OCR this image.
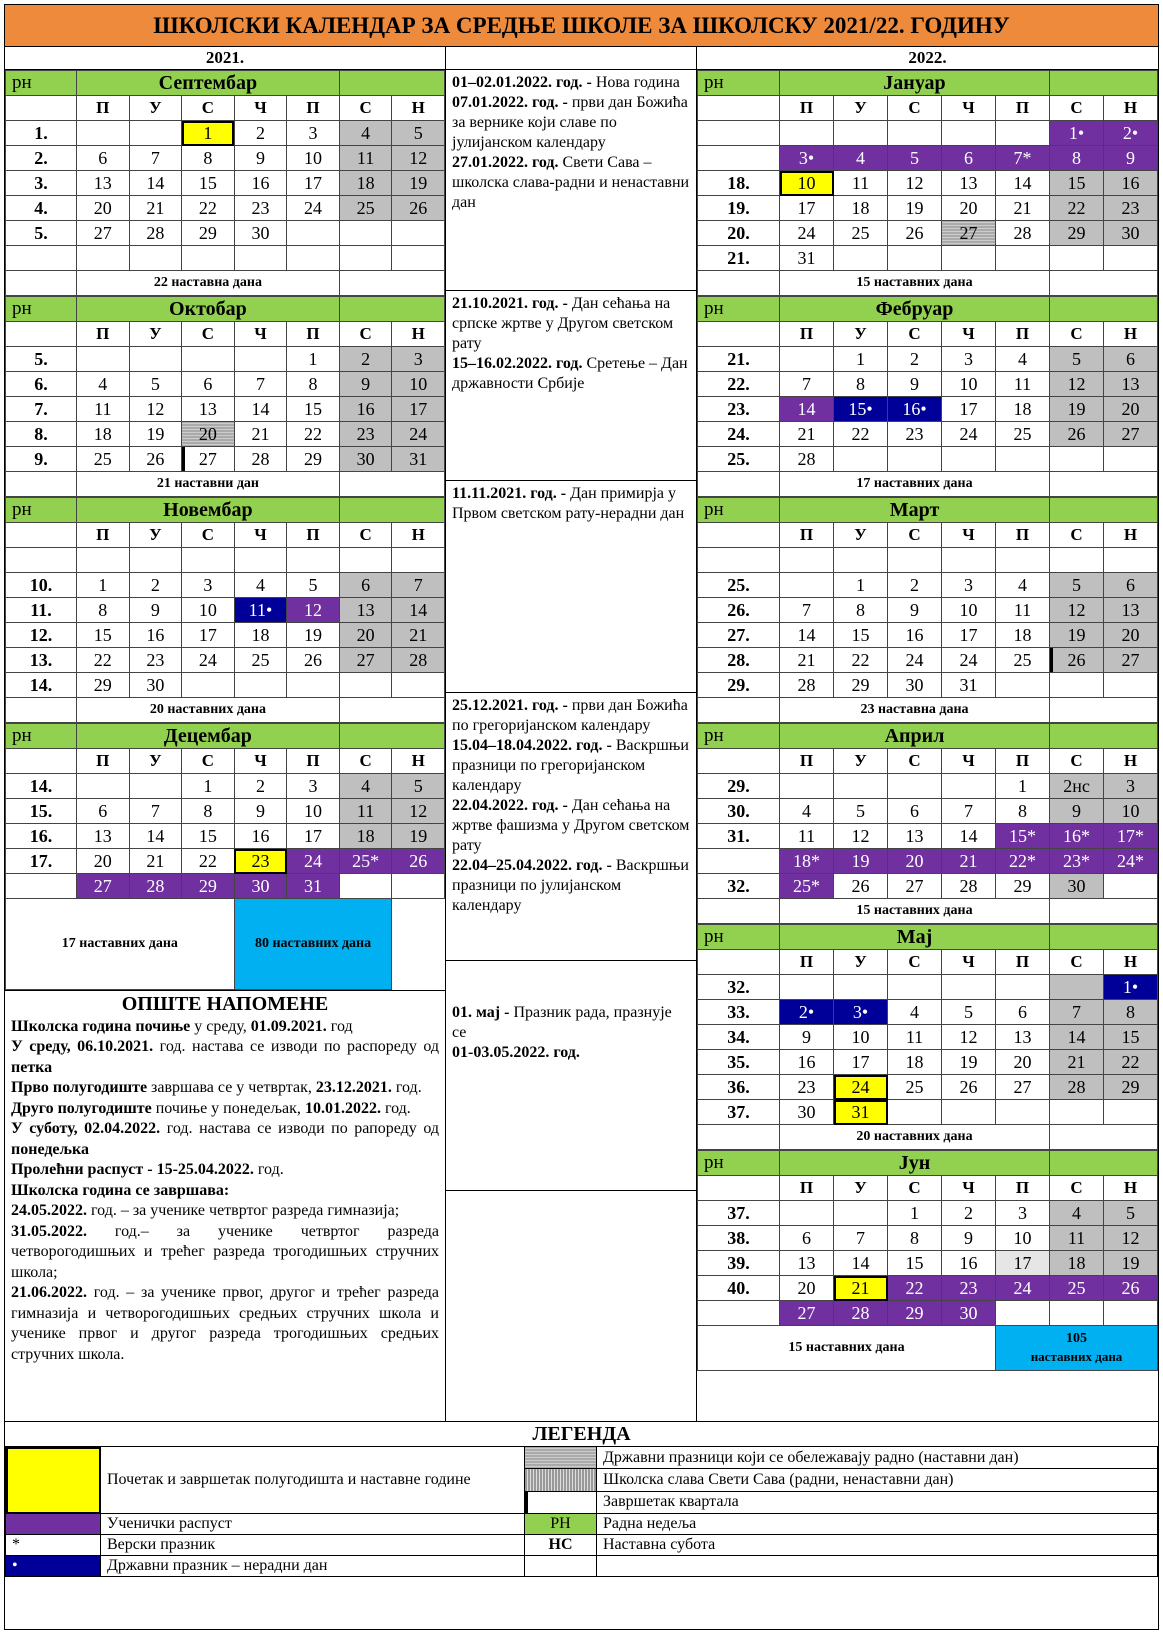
ШКОЛСКИ КАЛЕНДАР ЗА СРЕДЊЕ ШКОЛЕ ЗА ШКОЛСКУ 2021/22. ГОДИНУ
2021.	2022.
рн	Септембар						
	П	У	С	Ч	П	С	Н
1.			1	2	3	4	5
2.	6	7	8	9	10	11	12
3.	13	14	15	16	17	18	19
4.	20	21	22	23	24	25	26
5.	27	28	29	30			

	22 наставна дана						
рн	Октобар						
	П	У	С	Ч	П	С	Н
5.					1	2	3
6.	4	5	6	7	8	9	10
7.	11	12	13	14	15	16	17
8.	18	19	20	21	22	23	24
9.	25	26	27	28	29	30	31
	21 наставни дан						
рн	Новембар						
	П	У	С	Ч	П	С	Н

10.	1	2	3	4	5	6	7
11.	8	9	10	11•	12	13	14
12.	15	16	17	18	19	20	21
13.	22	23	24	25	26	27	28
14.	29	30					
	20 наставних дана						
рн	Децембар						
	П	У	С	Ч	П	С	Н
14.			1	2	3	4	5
15.	6	7	8	9	10	11	12
16.	13	14	15	16	17	18	19
17.	20	21	22	23	24	25*	26
	27	28	29	30	31		
17 наставних дана				80 наставних дана			
ОПШТЕ НАПОМЕНЕ
Школска година почиње у среду, 01.09.2021. год
У среду, 06.10.2021. год. настава се изводи по распореду од петка
Прво полугодиште завршава се у четвртак, 23.12.2021. год.
Друго полугодиште почиње у понедељак, 10.01.2022. год.
У суботу, 02.04.2022. год. настава се изводи по рапореду од понедељка
Пролећни распуст - 15-25.04.2022. год.
Школска година се завршава:
24.05.2022. год. – за ученике четвртог разреда гимназија;
31.05.2022. год.– за ученике четвртог разреда четворогодишњих и трећег разреда трогодишњих стручних школа;
21.06.2022. год. – за ученике првог, другог и трећег разреда гимназија и четворогодишњих средњих стручних школа и ученике првог и другог разреда трогодишњих средњих стручних школа.
01–02.01.2022. год. - Нова година
07.01.2022. год. - први дан Божића за вернике који славе по јулијанском календару
27.01.2022. год. Свети Сава – школска слава-радни и ненаставни дан
21.10.2021. год. - Дан сећања на српске жртве у Другом светском рату
15–16.02.2022. год. Сретење – Дан државности Србије
11.11.2021. год. - Дан примирја у Првом светском рату-нерадни дан
25.12.2021. год. - први дан Божића по грегоријанском календару
15.04–18.04.2022. год. - Васкршњи празници по грегоријанском календару
22.04.2022. год. - Дан сећања на жртве фашизма у Другом светском рату
22.04–25.04.2022. год. - Васкршњи празници по јулијанском календару
01. мај - Празник рада, празнује се
01-03.05.2022. год.
рн	Јануар						
	П	У	С	Ч	П	С	Н
						1•	2•
	3•	4	5	6	7*	8	9
18.	10	11	12	13	14	15	16
19.	17	18	19	20	21	22	23
20.	24	25	26	27	28	29	30
21.	31						
	15 наставних дана						
рн	Фебруар						
	П	У	С	Ч	П	С	Н
21.		1	2	3	4	5	6
22.	7	8	9	10	11	12	13
23.	14	15•	16•	17	18	19	20
24.	21	22	23	24	25	26	27
25.	28						
	17 наставних дана						
рн	Март						
	П	У	С	Ч	П	С	Н

25.		1	2	3	4	5	6
26.	7	8	9	10	11	12	13
27.	14	15	16	17	18	19	20
28.	21	22	24	24	25	26	27
29.	28	29	30	31			
	23 наставна дана						
рн	Април						
	П	У	С	Ч	П	С	Н
29.					1	2нс	3
30.	4	5	6	7	8	9	10
31.	11	12	13	14	15*	16*	17*
	18*	19	20	21	22*	23*	24*
32.	25*	26	27	28	29	30	
	15 наставних дана						
рн	Мај						
	П	У	С	Ч	П	С	Н
32.							1•
33.	2•	3•	4	5	6	7	8
34.	9	10	11	12	13	14	15
35.	16	17	18	19	20	21	22
36.	23	24	25	26	27	28	29
37.	30	31					
	20 наставних дана						
рн	Јун						
	П	У	С	Ч	П	С	Н
37.			1	2	3	4	5
38.	6	7	8	9	10	11	12
39.	13	14	15	16	17	18	19
40.	20	21	22	23	24	25	26
	27	28	29	30			
15 наставних дана					105
наставних дана		
ЛЕГЕНДА
	Почетак и завршетак полугодишта и наставне године		Државни празници који се обележавају радно (наставни дан)
			Школска слава Свети Сава (радни, ненаставни дан)
			Завршетак квартала
	Ученички распуст	РН	Радна недеља
*	Верски празник	НС	Наставна субота
•	Државни празник – нерадни дан		
